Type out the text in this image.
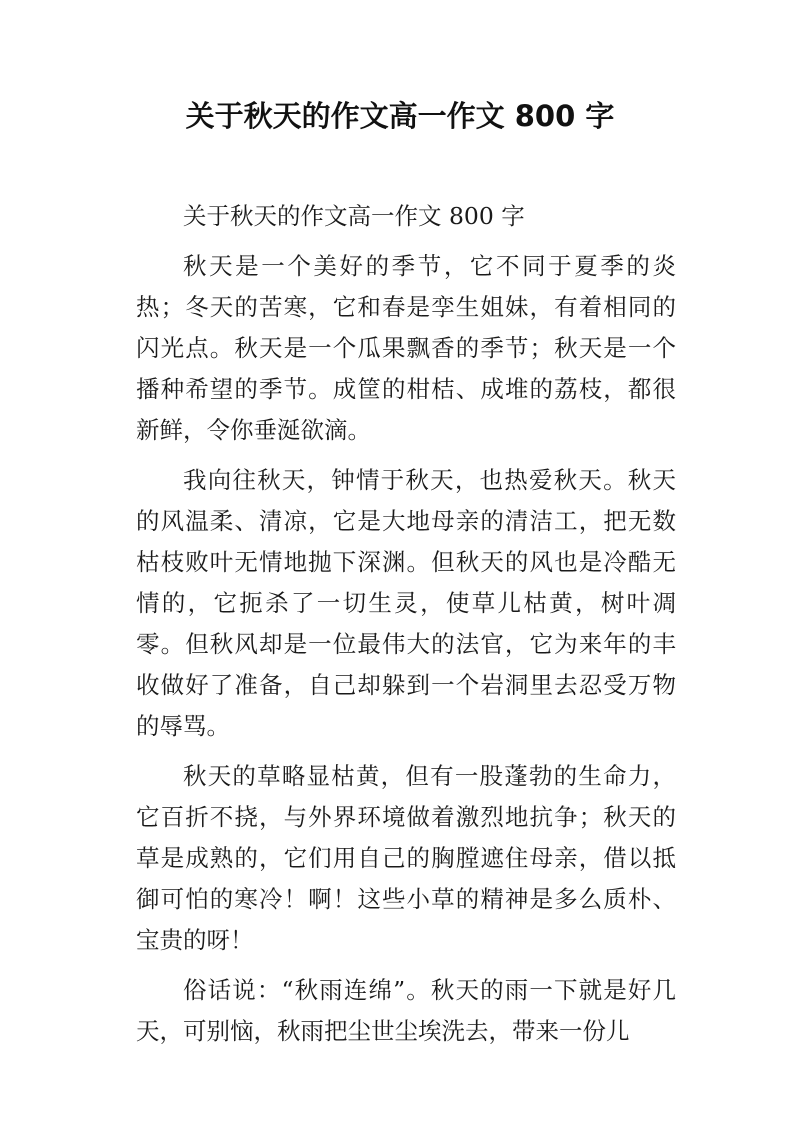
关于秋天的作文高一作文 800 字

关于秋天的作文高一作文 800 字

秋天是一个美好的季节，它不同于夏季的炎热；冬天的苦寒，它和春是孪生姐妹，有着相同的闪光点。秋天是一个瓜果飘香的季节；秋天是一个播种希望的季节。成筐的柑桔、成堆的荔枝，都很新鲜，令你垂涎欲滴。

我向往秋天，钟情于秋天，也热爱秋天。秋天的风温柔、清凉，它是大地母亲的清洁工，把无数枯枝败叶无情地抛下深渊。但秋天的风也是冷酷无情的，它扼杀了一切生灵，使草儿枯黄，树叶凋零。但秋风却是一位最伟大的法官，它为来年的丰收做好了准备，自己却躲到一个岩洞里去忍受万物的辱骂。

秋天的草略显枯黄，但有一股蓬勃的生命力，它百折不挠，与外界环境做着激烈地抗争；秋天的草是成熟的，它们用自己的胸膛遮住母亲，借以抵御可怕的寒冷！啊！这些小草的精神是多么质朴、宝贵的呀！

俗话说：“秋雨连绵”。秋天的雨一下就是好几天，可别恼，秋雨把尘世尘埃洗去，带来一份儿
